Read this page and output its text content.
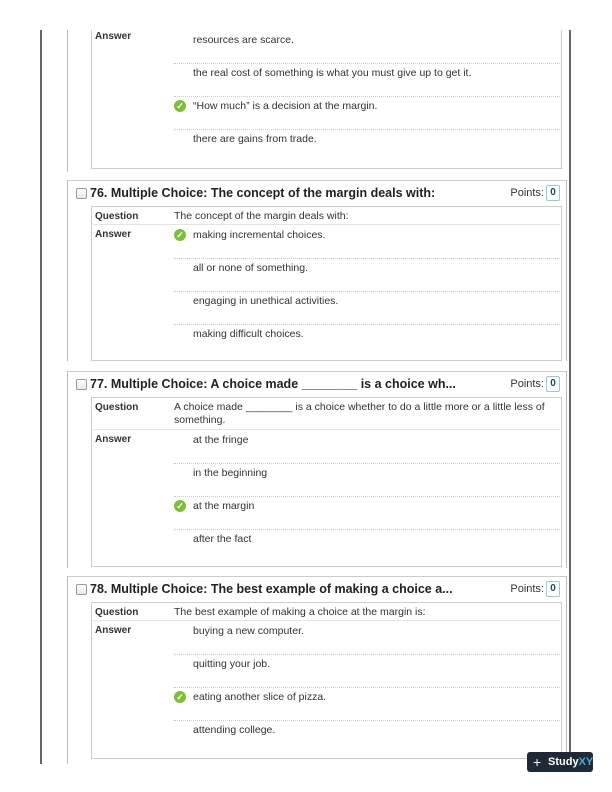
Answer	resources are scarce.
the real cost of something is what you must give up to get it.
✓ “How much” is a decision at the margin.
there are gains from trade.
76. Multiple Choice: The concept of the margin deals with:	Points: 0
Question	The concept of the margin deals with:
Answer	✓ making incremental choices.
all or none of something.
engaging in unethical activities.
making difficult choices.
77. Multiple Choice: A choice made ________ is a choice wh...	Points: 0
Question	A choice made ________ is a choice whether to do a little more or a little less of something.
Answer	at the fringe
in the beginning
✓ at the margin
after the fact
78. Multiple Choice: The best example of making a choice a...	Points: 0
Question	The best example of making a choice at the margin is:
Answer	buying a new computer.
quitting your job.
✓ eating another slice of pizza.
attending college.
+ StudyXY
